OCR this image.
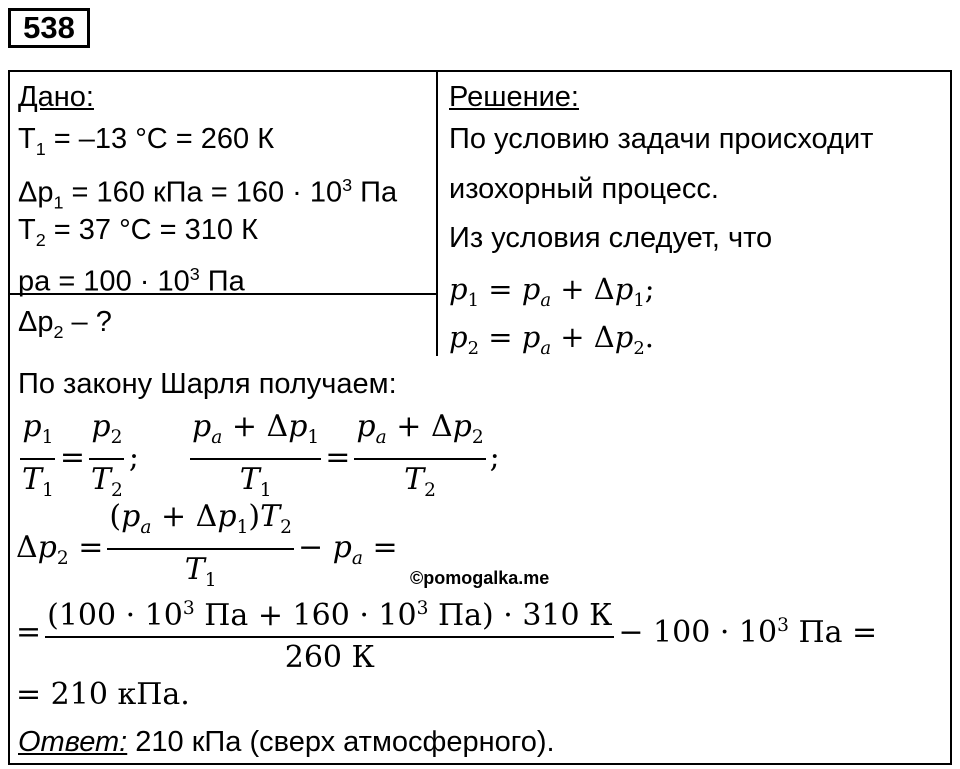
538
Дано:
$T_1 = -13$ °C = 260 К
$\Delta p_1 = 160$ кПа = $160 \cdot 10^3$ Па
$T_2 = 37$ °C = 310 К
pa = $100 \cdot 10^3$ Па
$\Delta p_2$ – ?
Решение:
По условию задачи происходит
изохорный процесс.
Из условия следует, что
$p_1 = p_a + \Delta p_1$;
$p_2 = p_a + \Delta p_2$.
По закону Шарля получаем:
$\frac{p_1}{T_1} = \frac{p_2}{T_2}$ ; $\frac{p_a + \Delta p_1}{T_1} = \frac{p_a + \Delta p_2}{T_2}$ ;
$\Delta p_2 = \frac{(p_a + \Delta p_1)T_2}{T_1} - p_a$ =
©pomogalka.me
= $\frac{(100 \cdot 10^3 Па + 160 \cdot 10^3 Па) \cdot 310 К}{260 К} - 100 \cdot 10^3$ Па =
= 210 кПа.
Ответ: 210 кПа (сверх атмосферного).
